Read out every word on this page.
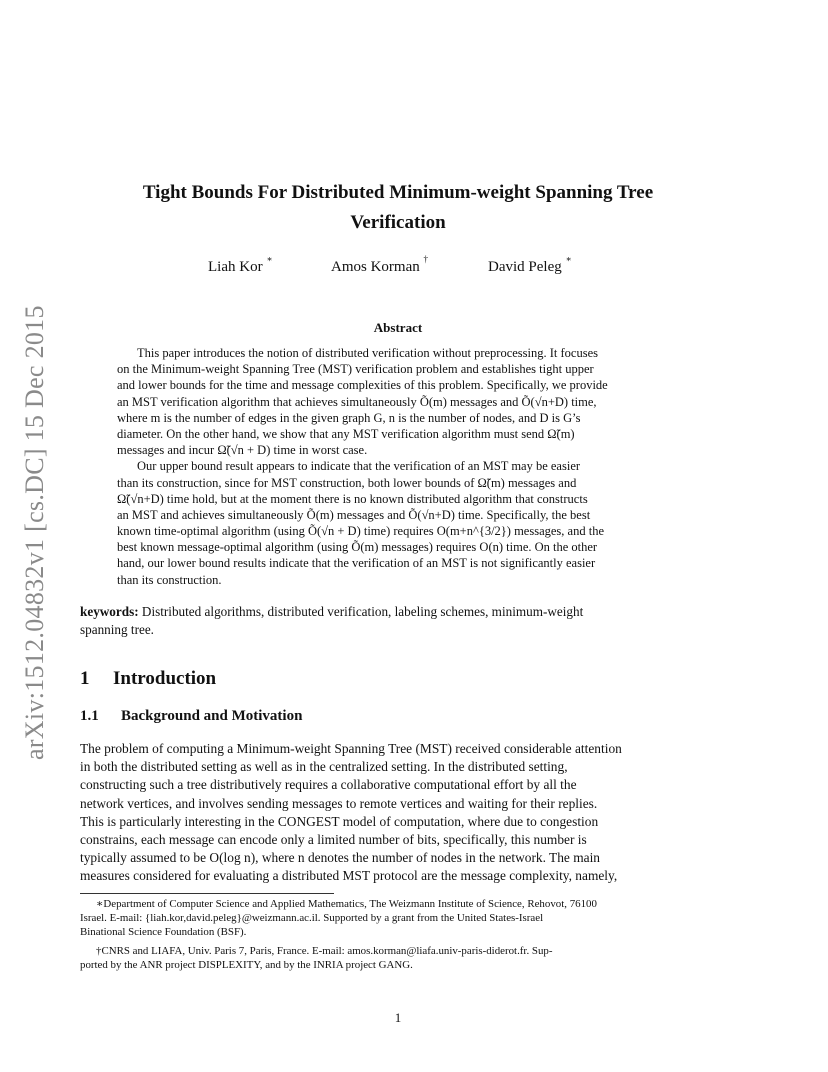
arXiv:1512.04832v1 [cs.DC] 15 Dec 2015
Tight Bounds For Distributed Minimum-weight Spanning Tree
Verification
Liah Kor ∗	Amos Korman †	David Peleg ∗
Abstract
This paper introduces the notion of distributed verification without preprocessing. It focuses
on the Minimum-weight Spanning Tree (MST) verification problem and establishes tight upper
and lower bounds for the time and message complexities of this problem. Specifically, we provide
an MST verification algorithm that achieves simultaneously Õ(m) messages and Õ(√n+D) time,
where m is the number of edges in the given graph G, n is the number of nodes, and D is G’s
diameter. On the other hand, we show that any MST verification algorithm must send Ω̃(m)
messages and incur Ω̃(√n + D) time in worst case.
Our upper bound result appears to indicate that the verification of an MST may be easier
than its construction, since for MST construction, both lower bounds of Ω̃(m) messages and
Ω̃(√n+D) time hold, but at the moment there is no known distributed algorithm that constructs
an MST and achieves simultaneously Õ(m) messages and Õ(√n+D) time. Specifically, the best
known time-optimal algorithm (using Õ(√n + D) time) requires O(m+n^{3/2}) messages, and the
best known message-optimal algorithm (using Õ(m) messages) requires O(n) time. On the other
hand, our lower bound results indicate that the verification of an MST is not significantly easier
than its construction.
keywords: Distributed algorithms, distributed verification, labeling schemes, minimum-weight
spanning tree.
1 Introduction
1.1 Background and Motivation
The problem of computing a Minimum-weight Spanning Tree (MST) received considerable attention
in both the distributed setting as well as in the centralized setting. In the distributed setting,
constructing such a tree distributively requires a collaborative computational effort by all the
network vertices, and involves sending messages to remote vertices and waiting for their replies.
This is particularly interesting in the CONGEST model of computation, where due to congestion
constrains, each message can encode only a limited number of bits, specifically, this number is
typically assumed to be O(log n), where n denotes the number of nodes in the network. The main
measures considered for evaluating a distributed MST protocol are the message complexity, namely,
∗Department of Computer Science and Applied Mathematics, The Weizmann Institute of Science, Rehovot, 76100
Israel. E-mail: {liah.kor,david.peleg}@weizmann.ac.il. Supported by a grant from the United States-Israel
Binational Science Foundation (BSF).
†CNRS and LIAFA, Univ. Paris 7, Paris, France. E-mail: amos.korman@liafa.univ-paris-diderot.fr. Sup-
ported by the ANR project DISPLEXITY, and by the INRIA project GANG.
1
